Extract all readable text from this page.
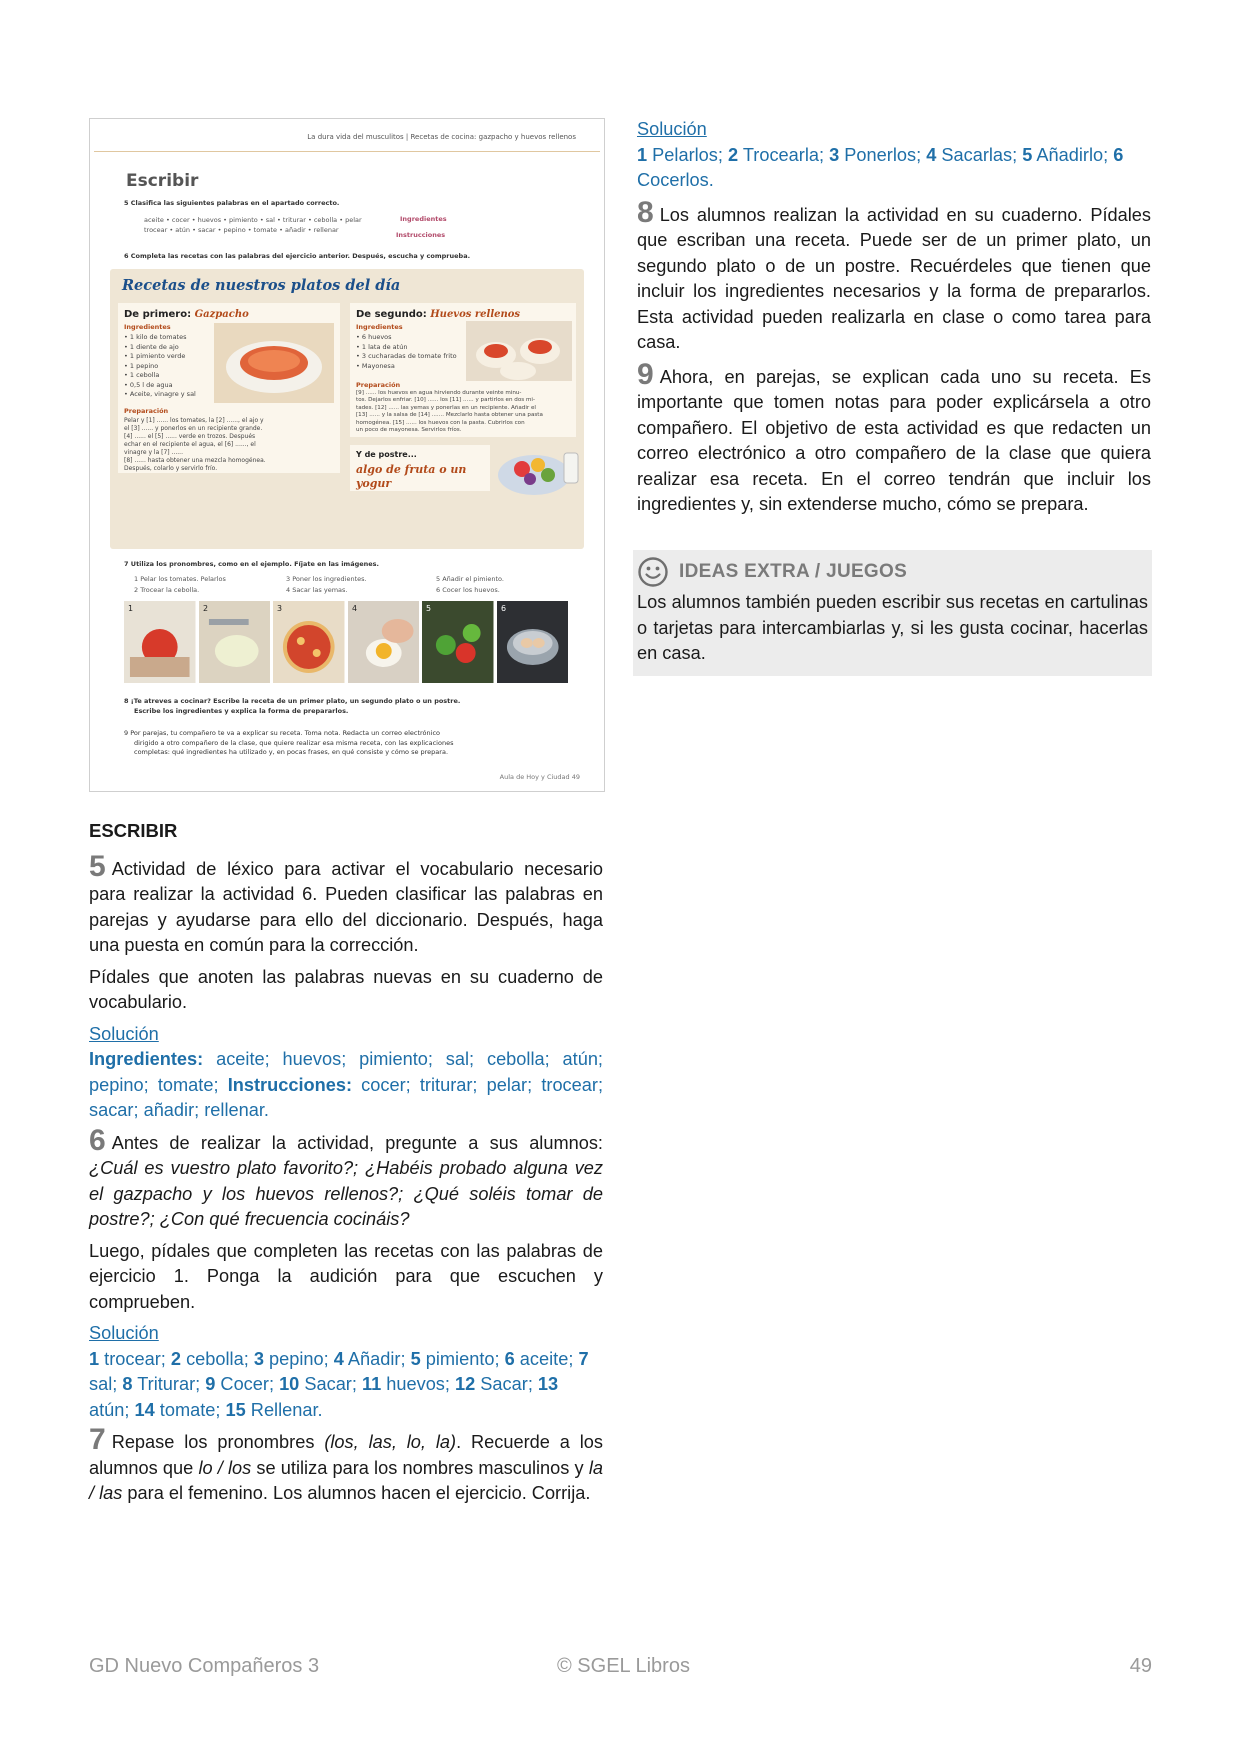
La dura vida del musculitos | Recetas de cocina: gazpacho y huevos rellenos
Escribir
5 Clasifica las siguientes palabras en el apartado correcto.
aceite • cocer • huevos • pimiento • sal • triturar • cebolla • pelar
trocear • atún • sacar • pepino • tomate • añadir • rellenar
Ingredientes
Instrucciones
6 Completa las recetas con las palabras del ejercicio anterior. Después, escucha y comprueba.
Recetas de nuestros platos del día
De primero: Gazpacho
Ingredientes
• 1 kilo de tomates
• 1 diente de ajo
• 1 pimiento verde
• 1 pepino
• 1 cebolla
• 0,5 l de agua
• Aceite, vinagre y sal
Preparación
Pelar y [1] ...... los tomates, la [2] ......, el ajo y
el [3] ...... y ponerlos en un recipiente grande.
[4] ...... el [5] ...... verde en trozos. Después
echar en el recipiente el agua, el [6] ......, el
vinagre y la [7] ......
[8] ...... hasta obtener una mezcla homogénea.
Después, colarlo y servirlo frío.
De segundo: Huevos rellenos
Ingredientes
• 6 huevos
• 1 lata de atún
• 3 cucharadas de tomate frito
• Mayonesa
Preparación
[9] ...... los huevos en agua hirviendo durante veinte minu-
tos. Dejarlos enfriar. [10] ...... los [11] ...... y partirlos en dos mi-
tades. [12] ...... las yemas y ponerlas en un recipiente. Añadir el
[13] ...... y la salsa de [14] ....... Mezclarlo hasta obtener una pasta
homogénea. [15] ...... los huevos con la pasta. Cubrirlos con
un poco de mayonesa. Servirlos fríos.
Y de postre...
algo de fruta o un yogur
7 Utiliza los pronombres, como en el ejemplo. Fíjate en las imágenes.
1 Pelar los tomates. Pelarlos
2 Trocear la cebolla.
3 Poner los ingredientes.
4 Sacar las yemas.
5 Añadir el pimiento.
6 Cocer los huevos.
1	2	3	4	5	6
8 ¡Te atreves a cocinar? Escribe la receta de un primer plato, un segundo plato o un postre.
Escribe los ingredientes y explica la forma de prepararlos.
9 Por parejas, tu compañero te va a explicar su receta. Toma nota. Redacta un correo electrónico
dirigido a otro compañero de la clase, que quiere realizar esa misma receta, con las explicaciones
completas: qué ingredientes ha utilizado y, en pocas frases, en qué consiste y cómo se prepara.
Aula de Hoy y Ciudad 49
ESCRIBIR

5 Actividad de léxico para activar el vocabulario necesario para realizar la actividad 6. Pueden clasificar las palabras en parejas y ayudarse para ello del diccionario. Después, haga una puesta en común para la corrección.

Pídales que anoten las palabras nuevas en su cuaderno de vocabulario.

Solución

Ingredientes: aceite; huevos; pimiento; sal; cebolla; atún; pepino; tomate; Instrucciones: cocer; triturar; pelar; trocear; sacar; añadir; rellenar.

6 Antes de realizar la actividad, pregunte a sus alumnos: ¿Cuál es vuestro plato favorito?; ¿Habéis probado alguna vez el gazpacho y los huevos rellenos?; ¿Qué soléis tomar de postre?; ¿Con qué frecuencia cocináis?

Luego, pídales que completen las recetas con las palabras de ejercicio 1. Ponga la audición para que escuchen y comprueben.

Solución

1 trocear; 2 cebolla; 3 pepino; 4 Añadir; 5 pimiento; 6 aceite; 7 sal; 8 Triturar; 9 Cocer; 10 Sacar; 11 huevos; 12 Sacar; 13 atún; 14 tomate; 15 Rellenar.

7 Repase los pronombres (los, las, lo, la). Recuerde a los alumnos que lo / los se utiliza para los nombres masculinos y la / las para el femenino. Los alumnos hacen el ejercicio. Corrija.

Solución

1 Pelarlos; 2 Trocearla; 3 Ponerlos; 4 Sacarlas; 5 Añadirlo; 6 Cocerlos.

8 Los alumnos realizan la actividad en su cuaderno. Pídales que escriban una receta. Puede ser de un primer plato, un segundo plato o de un postre. Recuérdeles que tienen que incluir los ingredientes necesarios y la forma de prepararlos. Esta actividad pueden realizarla en clase o como tarea para casa.

9 Ahora, en parejas, se explican cada uno su receta. Es importante que tomen notas para poder explicársela a otro compañero. El objetivo de esta actividad es que redacten un correo electrónico a otro compañero de la clase que quiera realizar esa receta. En el correo tendrán que incluir los ingredientes y, sin extenderse mucho, cómo se prepara.

IDEAS EXTRA / JUEGOS

Los alumnos también pueden escribir sus recetas en cartulinas o tarjetas para intercambiarlas y, si les gusta cocinar, hacerlas en casa.

GD Nuevo Compañeros 3	© SGEL Libros	49
